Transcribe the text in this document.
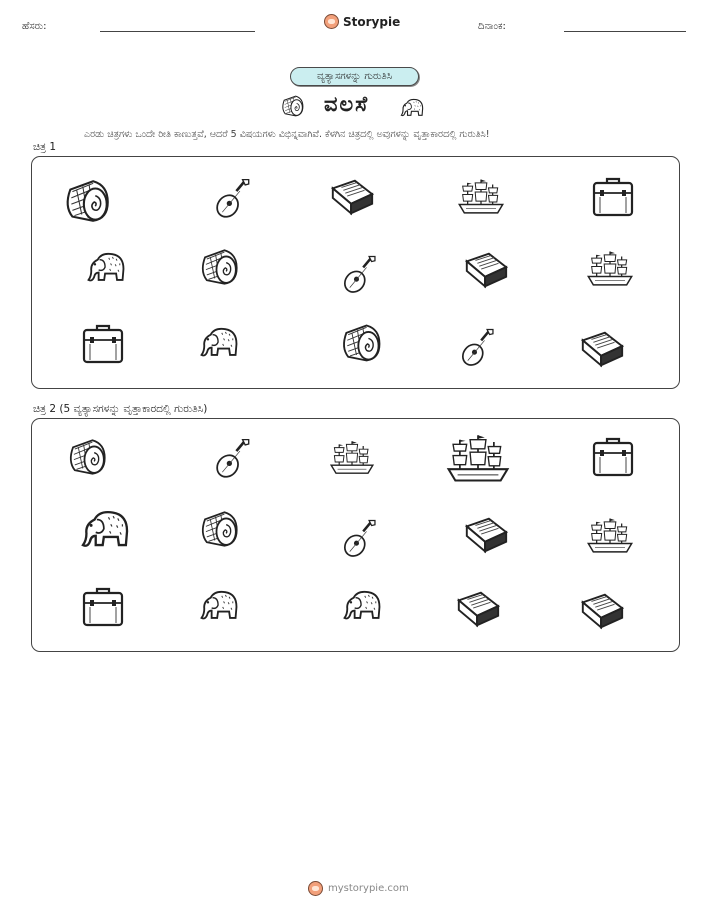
ಹೆಸರು:	Storypie	ದಿನಾಂಕ:
ವ್ಯತ್ಯಾಸಗಳನ್ನು ಗುರುತಿಸಿ
ವಲಸೆ
ಎರಡು ಚಿತ್ರಗಳು ಒಂದೇ ರೀತಿ ಕಾಣುತ್ತವೆ, ಆದರೆ 5 ವಿಷಯಗಳು ವಿಭಿನ್ನವಾಗಿವೆ. ಕೆಳಗಿನ ಚಿತ್ರದಲ್ಲಿ ಅವುಗಳನ್ನು ವೃತ್ತಾಕಾರದಲ್ಲಿ ಗುರುತಿಸಿ!
ಚಿತ್ರ 1
ಚಿತ್ರ 2 (5 ವ್ಯತ್ಯಾಸಗಳನ್ನು ವೃತ್ತಾಕಾರದಲ್ಲಿ ಗುರುತಿಸಿ)
mystorypie.com
